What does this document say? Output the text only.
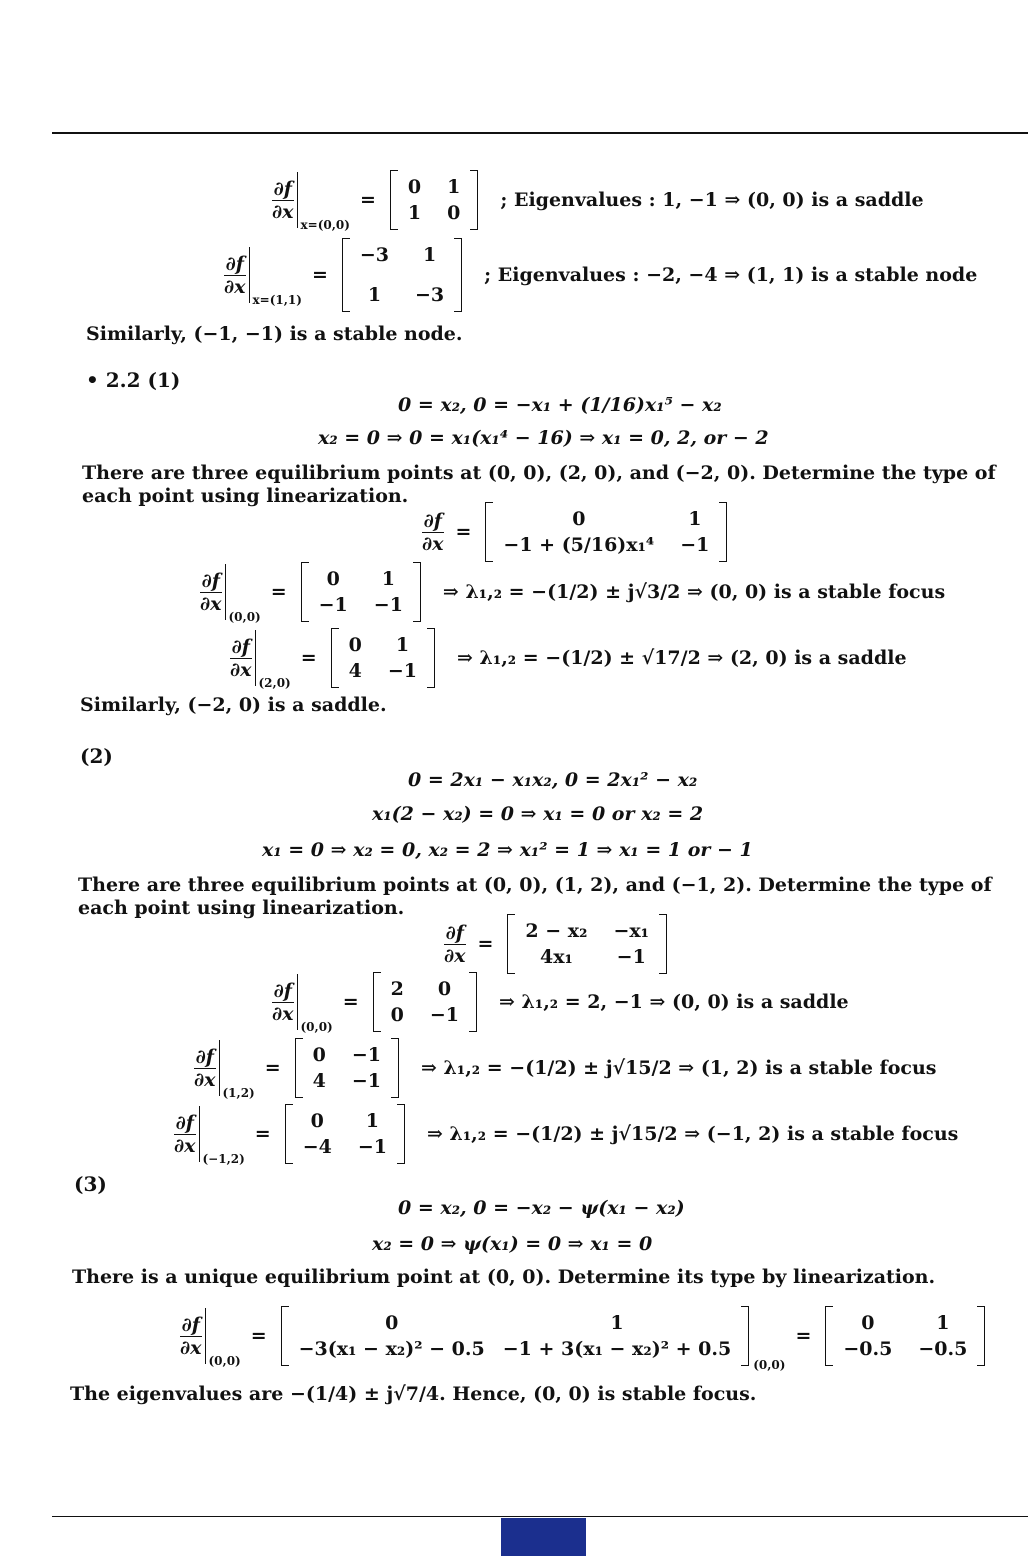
$\frac{\partial f}{\partial x}$
x=(0,0)
=
0 1
1 0
; Eigenvalues : 1, −1 ⇒ (0, 0) is a saddle
$\frac{\partial f}{\partial x}$
x=(1,1)
=
−3 1
1 −3
; Eigenvalues : −2, −4 ⇒ (1, 1) is a stable node
Similarly, (−1, −1) is a stable node.
• 2.2 (1)
0 = x₂, 0 = −x₁ + (1/16)x₁⁵ − x₂
x₂ = 0 ⇒ 0 = x₁(x₁⁴ − 16) ⇒ x₁ = 0, 2, or − 2
There are three equilibrium points at (0, 0), (2, 0), and (−2, 0). Determine the type of each point using linearization.
$\frac{\partial f}{\partial x}$ =
0	1
−1 + (5/16)x₁⁴ −1
$\frac{\partial f}{\partial x}$
(0,0)
=
0 1
−1 −1
⇒ λ₁,₂ = −(1/2) ± j√3/2 ⇒ (0, 0) is a stable focus
$\frac{\partial f}{\partial x}$
(2,0)
=
0 1
4 −1
⇒ λ₁,₂ = −(1/2) ± √17/2 ⇒ (2, 0) is a saddle
Similarly, (−2, 0) is a saddle.
(2)
0 = 2x₁ − x₁x₂, 0 = 2x₁² − x₂
x₁(2 − x₂) = 0 ⇒ x₁ = 0 or x₂ = 2
x₁ = 0 ⇒ x₂ = 0, x₂ = 2 ⇒ x₁² = 1 ⇒ x₁ = 1 or − 1
There are three equilibrium points at (0, 0), (1, 2), and (−1, 2). Determine the type of each point using linearization.
$\frac{\partial f}{\partial x}$ =
2 − x₂ −x₁
4x₁ −1
$\frac{\partial f}{\partial x}$
(0,0)
=
2 0
0 −1
⇒ λ₁,₂ = 2, −1 ⇒ (0, 0) is a saddle
$\frac{\partial f}{\partial x}$
(1,2)
=
0 −1
4 −1
⇒ λ₁,₂ = −(1/2) ± j√15/2 ⇒ (1, 2) is a stable focus
$\frac{\partial f}{\partial x}$
(−1,2)
=
0 1
−4 −1
⇒ λ₁,₂ = −(1/2) ± j√15/2 ⇒ (−1, 2) is a stable focus
(3)
0 = x₂, 0 = −x₂ − ψ(x₁ − x₂)
x₂ = 0 ⇒ ψ(x₁) = 0 ⇒ x₁ = 0
There is a unique equilibrium point at (0, 0). Determine its type by linearization.
$\frac{\partial f}{\partial x}$
(0,0)
=
0	1
−3(x₁ − x₂)² − 0.5 −1 + 3(x₁ − x₂)² + 0.5
(0,0)
=
0	1
−0.5 −0.5
The eigenvalues are −(1/4) ± j√7/4. Hence, (0, 0) is stable focus.
